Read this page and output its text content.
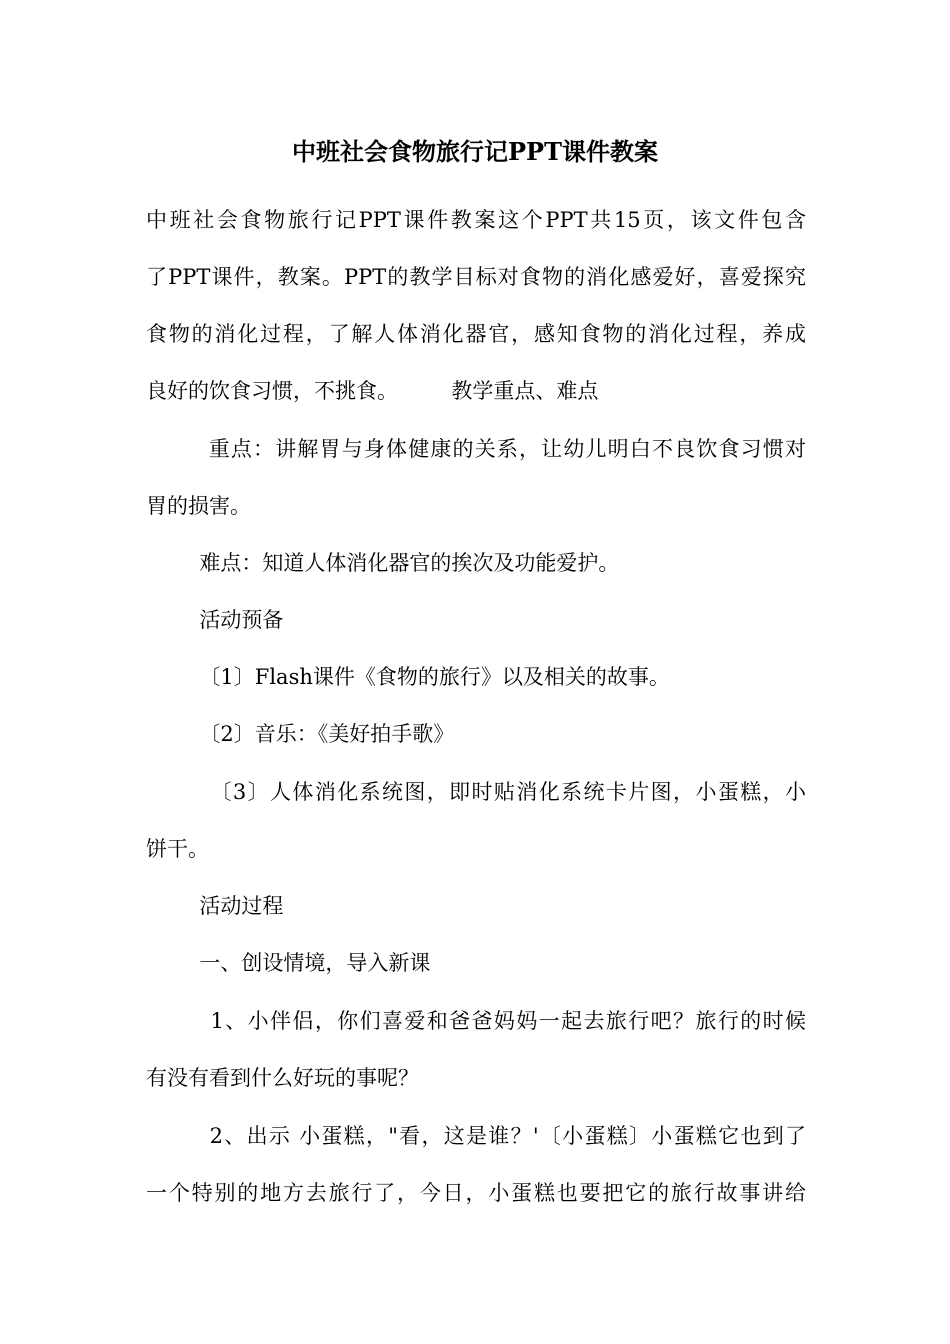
中班社会食物旅行记PPT课件教案
中班社会食物旅行记PPT课件教案这个PPT共15页，该文件包含
了PPT课件，教案。PPT的教学目标对食物的消化感爱好，喜爱探究
食物的消化过程，了解人体消化器官，感知食物的消化过程，养成
良好的饮食习惯，不挑食。        教学重点、难点
重点：讲解胃与身体健康的关系，让幼儿明白不良饮食习惯对
胃的损害。
难点：知道人体消化器官的挨次及功能爱护。
活动预备
〔1〕Flash课件《食物的旅行》以及相关的故事。
〔2〕音乐：《美好拍手歌》
〔3〕人体消化系统图，即时贴消化系统卡片图，小蛋糕，小
饼干。
活动过程
一、创设情境，导入新课
1、小伴侣，你们喜爱和爸爸妈妈一起去旅行吧？旅行的时候
有没有看到什么好玩的事呢？
2、出示 小蛋糕，"看，这是谁？'〔小蛋糕〕小蛋糕它也到了
一个特别的地方去旅行了，今日，小蛋糕也要把它的旅行故事讲给
